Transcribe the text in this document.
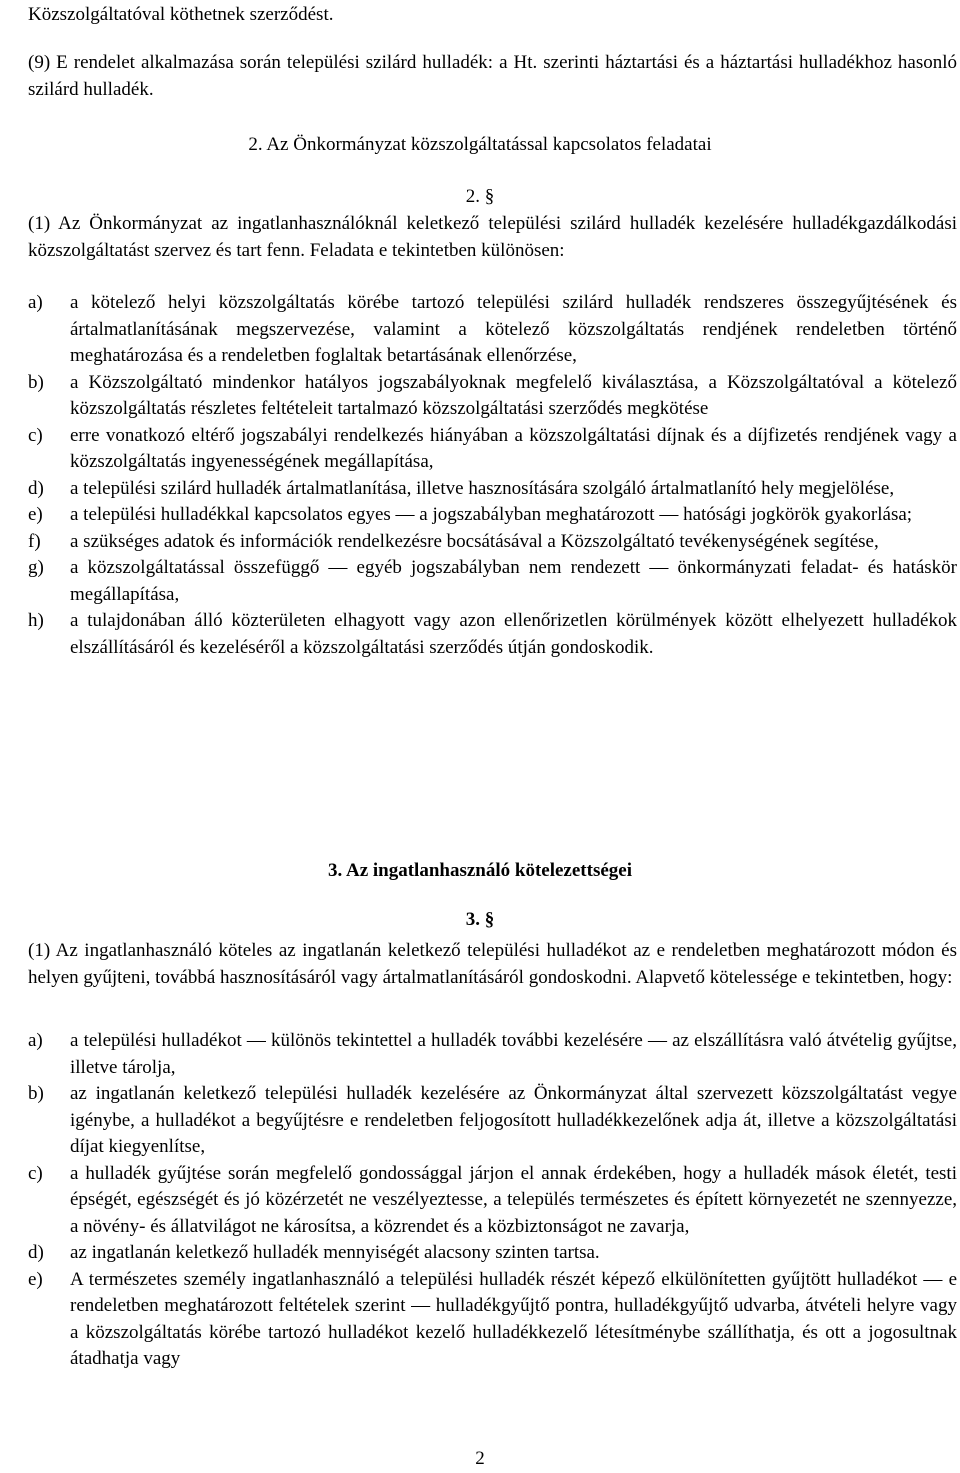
Közszolgáltatóval köthetnek szerződést.

(9) E rendelet alkalmazása során települési szilárd hulladék: a Ht. szerinti háztartási és a háztartási hulladékhoz hasonló szilárd hulladék.

2. Az Önkormányzat közszolgáltatással kapcsolatos feladatai

2. §

(1) Az Önkormányzat az ingatlanhasználóknál keletkező települési szilárd hulladék kezelésére hulladékgazdálkodási közszolgáltatást szervez és tart fenn. Feladata e tekintetben különösen:

a) a kötelező helyi közszolgáltatás körébe tartozó települési szilárd hulladék rendszeres összegyűjtésének és ártalmatlanításának megszervezése, valamint a kötelező közszolgáltatás rendjének rendeletben történő meghatározása és a rendeletben foglaltak betartásának ellenőrzése,
b) a Közszolgáltató mindenkor hatályos jogszabályoknak megfelelő kiválasztása, a Közszolgáltatóval a kötelező közszolgáltatás részletes feltételeit tartalmazó közszolgáltatási szerződés megkötése
c) erre vonatkozó eltérő jogszabályi rendelkezés hiányában a közszolgáltatási díjnak és a díjfizetés rendjének vagy a közszolgáltatás ingyenességének megállapítása,
d) a települési szilárd hulladék ártalmatlanítása, illetve hasznosítására szolgáló ártalmatlanító hely megjelölése,
e) a települési hulladékkal kapcsolatos egyes — a jogszabályban meghatározott — hatósági jogkörök gyakorlása;
f) a szükséges adatok és információk rendelkezésre bocsátásával a Közszolgáltató tevékenységének segítése,
g) a közszolgáltatással összefüggő — egyéb jogszabályban nem rendezett — önkormányzati feladat- és hatáskör megállapítása,
h) a tulajdonában álló közterületen elhagyott vagy azon ellenőrizetlen körülmények között elhelyezett hulladékok elszállításáról és kezeléséről a közszolgáltatási szerződés útján gondoskodik.

3. Az ingatlanhasználó kötelezettségei

3. §

(1) Az ingatlanhasználó köteles az ingatlanán keletkező települési hulladékot az e rendeletben meghatározott módon és helyen gyűjteni, továbbá hasznosításáról vagy ártalmatlanításáról gondoskodni. Alapvető kötelessége e tekintetben, hogy:

a) a települési hulladékot — különös tekintettel a hulladék további kezelésére — az elszállításra való átvételig gyűjtse, illetve tárolja,
b) az ingatlanán keletkező települési hulladék kezelésére az Önkormányzat által szervezett közszolgáltatást vegye igénybe, a hulladékot a begyűjtésre e rendeletben feljogosított hulladékkezelőnek adja át, illetve a közszolgáltatási díjat kiegyenlítse,
c) a hulladék gyűjtése során megfelelő gondossággal járjon el annak érdekében, hogy a hulladék mások életét, testi épségét, egészségét és jó közérzetét ne veszélyeztesse, a település természetes és épített környezetét ne szennyezze, a növény- és állatvilágot ne károsítsa, a közrendet és a közbiztonságot ne zavarja,
d) az ingatlanán keletkező hulladék mennyiségét alacsony szinten tartsa.
e) A természetes személy ingatlanhasználó a települési hulladék részét képező elkülönítetten gyűjtött hulladékot — e rendeletben meghatározott feltételek szerint — hulladékgyűjtő pontra, hulladékgyűjtő udvarba, átvételi helyre vagy a közszolgáltatás körébe tartozó hulladékot kezelő hulladékkezelő létesítménybe szállíthatja, és ott a jogosultnak átadhatja vagy

2
